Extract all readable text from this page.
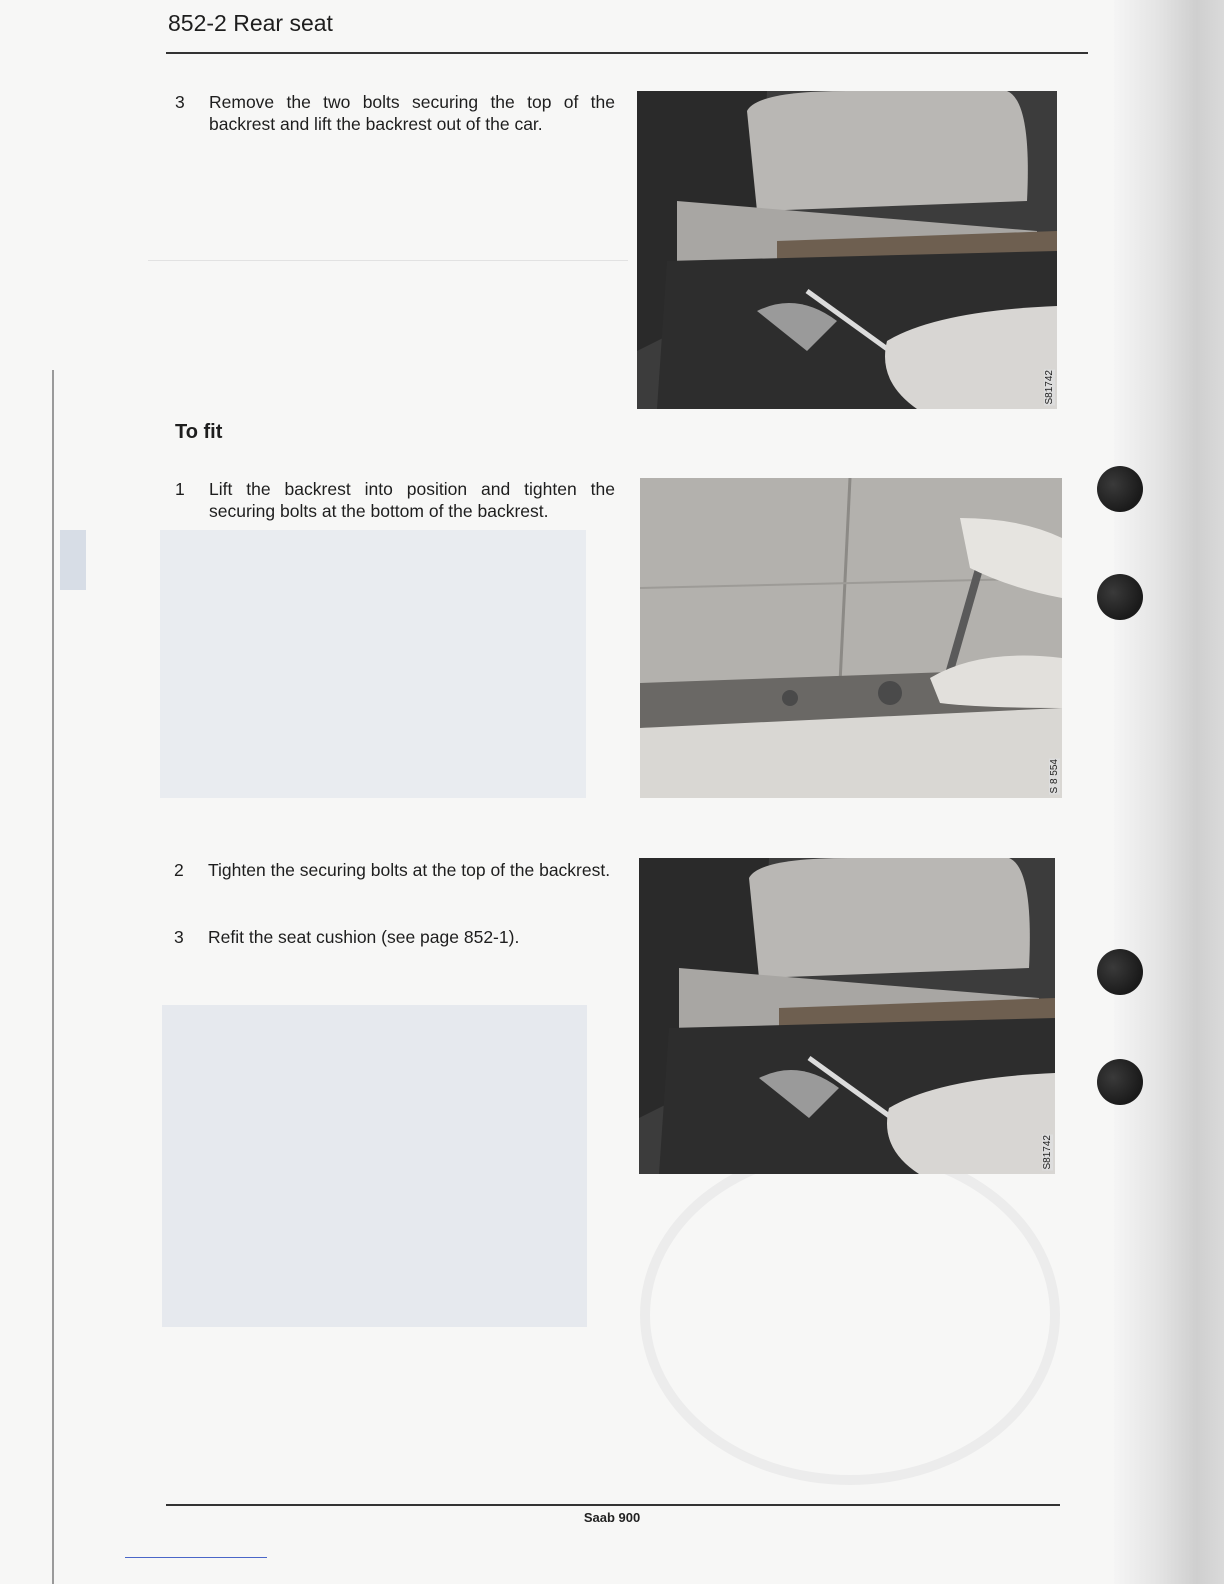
852-2 Rear seat
3 Remove the two bolts securing the top of the backrest and lift the backrest out of the car.
To fit
1 Lift the backrest into position and tighten the securing bolts at the bottom of the backrest.
2 Tighten the securing bolts at the top of the backrest.
3 Refit the seat cushion (see page 852-1).
S81742
S 8 554
S81742
Saab 900
